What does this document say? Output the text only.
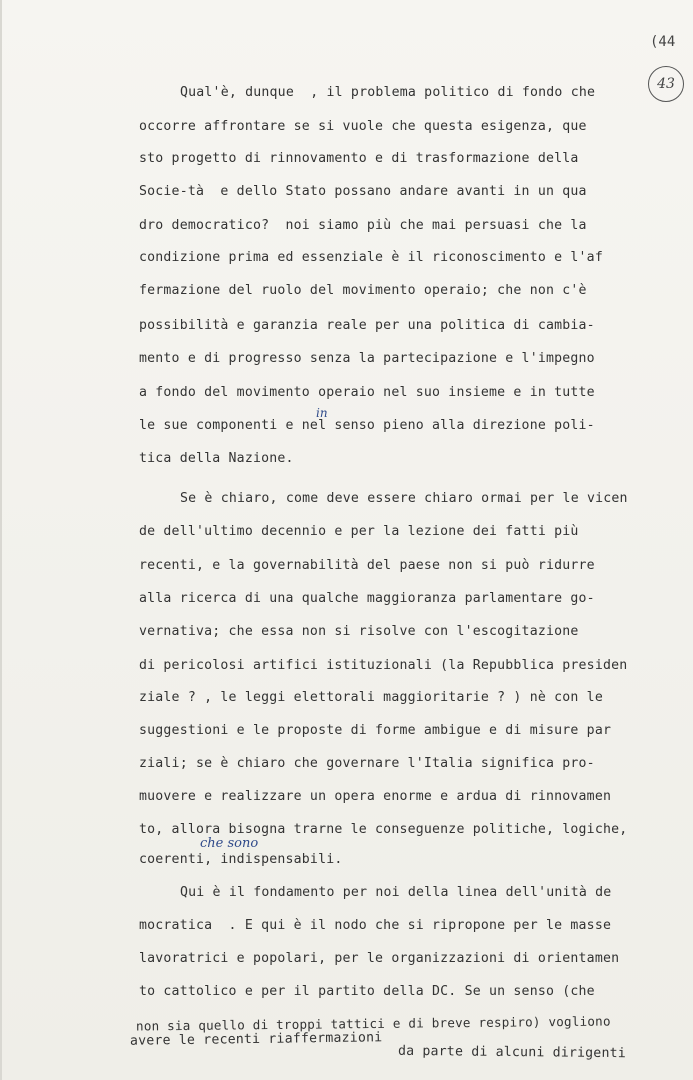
(44
43
Qual'è, dunque  , il problema politico di fondo che
occorre affrontare se si vuole che questa esigenza, que
sto progetto di rinnovamento e di trasformazione della
Socie-tà  e dello Stato possano andare avanti in un qua
dro democratico?  noi siamo più che mai persuasi che la
condizione prima ed essenziale è il riconoscimento e l'af
fermazione del ruolo del movimento operaio; che non c'è
possibilità e garanzia reale per una politica di cambia-
mento e di progresso senza la partecipazione e l'impegno
a fondo del movimento operaio nel suo insieme e in tutte
in
le sue componenti e nel senso pieno alla direzione poli-
tica della Nazione.
Se è chiaro, come deve essere chiaro ormai per le vicen
de dell'ultimo decennio e per la lezione dei fatti più
recenti, e la governabilità del paese non si può ridurre
alla ricerca di una qualche maggioranza parlamentare go-
vernativa; che essa non si risolve con l'escogitazione
di pericolosi artifici istituzionali (la Repubblica presiden
ziale ? , le leggi elettorali maggioritarie ? ) nè con le
suggestioni e le proposte di forme ambigue e di misure par
ziali; se è chiaro che governare l'Italia significa pro-
muovere e realizzare un opera enorme e ardua di rinnovamen
to, allora bisogna trarne le conseguenze politiche, logiche,
che sono
coerenti, indispensabili.
Qui è il fondamento per noi della linea dell'unità de
mocratica  . E qui è il nodo che si ripropone per le masse
lavoratrici e popolari, per le organizzazioni di orientamen
to cattolico e per il partito della DC. Se un senso (che
non sia quello di troppi tattici e di breve respiro) vogliono
avere le recenti riaffermazioni
da parte di alcuni dirigenti
